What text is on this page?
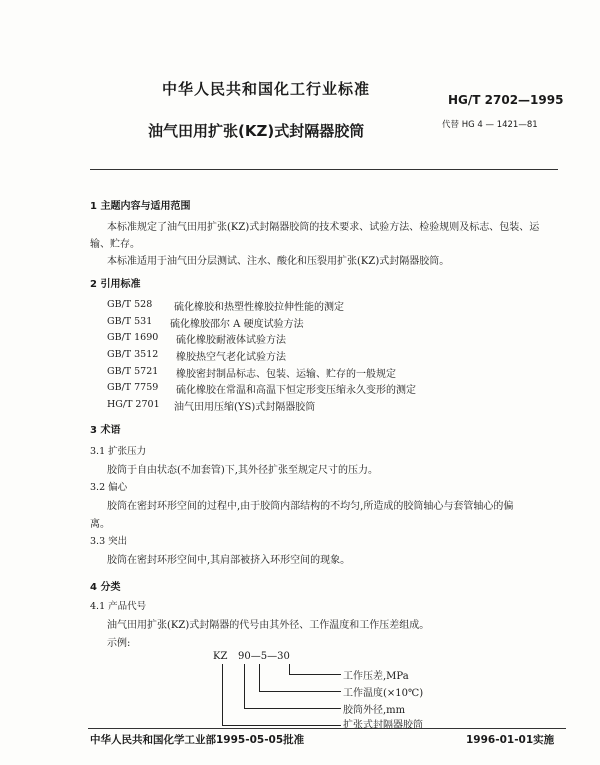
中华人民共和国化工行业标准
HG/T 2702—1995
油气田用扩张(KZ)式封隔器胶筒	代替 HG 4 — 1421—81
1 主题内容与适用范围
本标准规定了油气田用扩张(KZ)式封隔器胶筒的技术要求、试验方法、检验规则及标志、包装、运
输、贮存。
本标准适用于油气田分层测试、注水、酸化和压裂用扩张(KZ)式封隔器胶筒。
2 引用标准
GB/T 528	硫化橡胶和热塑性橡胶拉伸性能的测定
GB/T 531	硫化橡胶邵尔 A 硬度试验方法
GB/T 1690	硫化橡胶耐液体试验方法
GB/T 3512	橡胶热空气老化试验方法
GB/T 5721	橡胶密封制品标志、包装、运输、贮存的一般规定
GB/T 7759	硫化橡胶在常温和高温下恒定形变压缩永久变形的测定
HG/T 2701	油气田用压缩(YS)式封隔器胶筒
3 术语
3.1 扩张压力
胶筒于自由状态(不加套管)下,其外径扩张至规定尺寸的压力。
3.2 偏心
胶筒在密封环形空间的过程中,由于胶筒内部结构的不均匀,所造成的胶筒轴心与套管轴心的偏
离。
3.3 突出
胶筒在密封环形空间中,其肩部被挤入环形空间的现象。
4 分类
4.1 产品代号
油气田用扩张(KZ)式封隔器的代号由其外径、工作温度和工作压差组成。
示例:
KZ 90—5—30
工作压差,MPa
工作温度(×10℃)
胶筒外径,mm
扩张式封隔器胶筒
中华人民共和国化学工业部1995-05-05批准	1996-01-01实施
